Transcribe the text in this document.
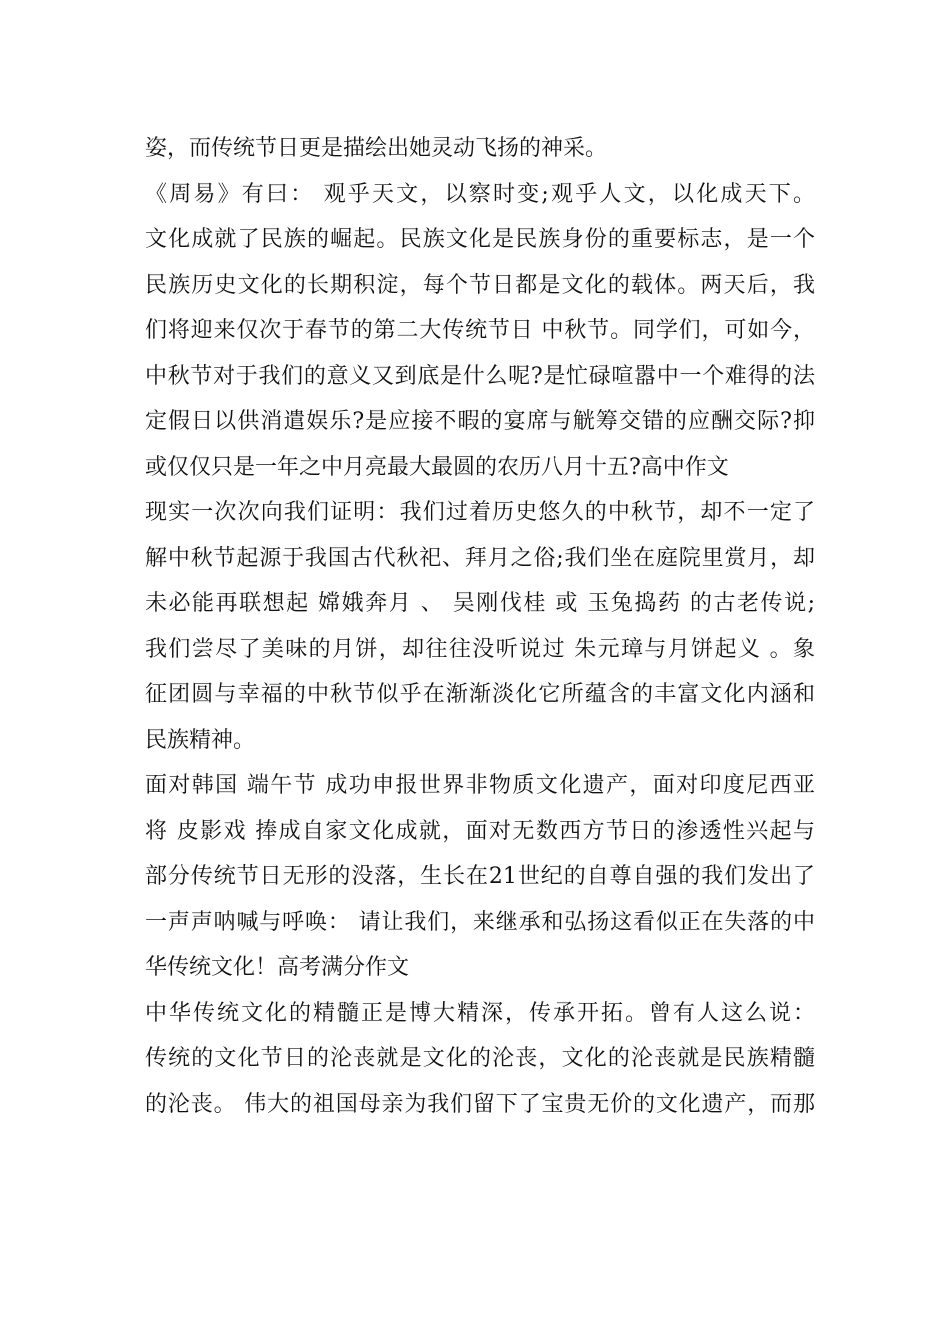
姿，而传统节日更是描绘出她灵动飞扬的神采。
《周易》有曰： 观乎天文，以察时变;观乎人文，以化成天下。
文化成就了民族的崛起。民族文化是民族身份的重要标志，是一个
民族历史文化的长期积淀，每个节日都是文化的载体。两天后，我
们将迎来仅次于春节的第二大传统节日 中秋节。同学们，可如今，
中秋节对于我们的意义又到底是什么呢?是忙碌喧嚣中一个难得的法
定假日以供消遣娱乐?是应接不暇的宴席与觥筹交错的应酬交际?抑
或仅仅只是一年之中月亮最大最圆的农历八月十五?高中作文
现实一次次向我们证明：我们过着历史悠久的中秋节，却不一定了
解中秋节起源于我国古代秋祀、拜月之俗;我们坐在庭院里赏月，却
未必能再联想起 嫦娥奔月 、 吴刚伐桂 或 玉兔捣药 的古老传说;
我们尝尽了美味的月饼，却往往没听说过 朱元璋与月饼起义 。象
征团圆与幸福的中秋节似乎在渐渐淡化它所蕴含的丰富文化内涵和
民族精神。
面对韩国 端午节 成功申报世界非物质文化遗产，面对印度尼西亚
将 皮影戏 捧成自家文化成就，面对无数西方节日的渗透性兴起与
部分传统节日无形的没落，生长在21世纪的自尊自强的我们发出了
一声声呐喊与呼唤： 请让我们，来继承和弘扬这看似正在失落的中
华传统文化！高考满分作文
中华传统文化的精髓正是博大精深，传承开拓。曾有人这么说：
传统的文化节日的沦丧就是文化的沦丧，文化的沦丧就是民族精髓
的沦丧。 伟大的祖国母亲为我们留下了宝贵无价的文化遗产，而那
